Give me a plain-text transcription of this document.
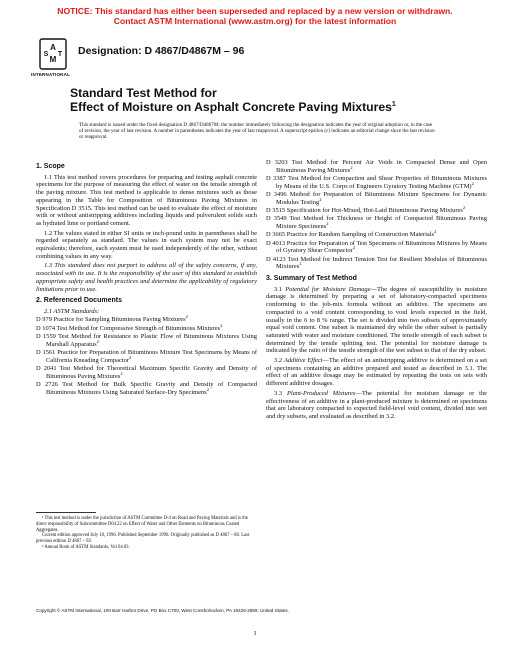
NOTICE: This standard has either been superseded and replaced by a new version or withdrawn.
Contact ASTM International (www.astm.org) for the latest information
A
M
S T
INTERNATIONAL
Designation: D 4867/D4867M – 96
Standard Test Method for
Effect of Moisture on Asphalt Concrete Paving Mixtures$^1$
This standard is issued under the fixed designation D 4867/D4867M; the number immediately following the designation indicates the year of original adoption or, in the case of revision, the year of last revision. A number in parentheses indicates the year of last reapproval. A superscript epsilon (ε) indicates an editorial change since the last revision or reapproval.
1. Scope

1.1 This test method covers procedures for preparing and testing asphalt concrete specimens for the purpose of measuring the effect of water on the tensile strength of the paving mixture. This test method is applicable to dense mixtures such as those appearing in the Table for Composition of Bituminous Paving Mixtures in Specification D 3515. This test method can be used to evaluate the effect of moisture with or without antistripping additives including liquids and pulverulent solids such as hydrated lime or portland cement.

1.2 The values stated in either SI units or inch-pound units in parentheses shall be regarded separately as standard. The values in each system may not be exact equivalents; therefore, each system must be used independently of the other, without combining values in any way.

1.3 This standard does not purport to address all of the safety concerns, if any, associated with its use. It is the responsibility of the user of this standard to establish appropriate safety and health practices and determine the applicability of regulatory limitations prior to use.

2. Referenced Documents
2.1 ASTM Standards:
D 979 Practice for Sampling Bituminous Paving Mixtures$^2$
D 1074 Test Method for Compressive Strength of Bituminous Mixtures$^2$
D 1559 Test Method for Resistance to Plastic Flow of Bituminous Mixtures Using Marshall Apparatus$^2$
D 1561 Practice for Preparation of Bituminous Mixture Test Specimens by Means of California Kneading Compactor$^2$
D 2041 Test Method for Theoretical Maximum Specific Gravity and Density of Bituminous Paving Mixtures$^2$
D 2726 Test Method for Bulk Specific Gravity and Density of Compacted Bituminous Mixtures Using Saturated Surface-Dry Specimens$^2$
D 3203 Test Method for Percent Air Voids in Compacted Dense and Open Bituminous Paving Mixtures$^2$
D 3387 Test Method for Compaction and Shear Properties of Bituminous Mixtures by Means of the U.S. Corps of Engineers Gyratory Testing Machine (GTM)$^2$
D 3496 Method for Preparation of Bituminous Mixture Specimens for Dynamic Modulus Testing$^2$
D 3515 Specification for Hot-Mixed, Hot-Laid Bituminous Paving Mixtures$^2$
D 3549 Test Method for Thickness or Height of Compacted Bituminous Paving Mixture Specimens$^2$
D 3665 Practice for Random Sampling of Construction Materials$^2$
D 4013 Practice for Preparation of Test Specimens of Bituminous Mixtures by Means of Gyratory Shear Compactor$^2$
D 4123 Test Method for Indirect Tension Test for Resilient Modulus of Bituminous Mixtures$^2$
3. Summary of Test Method

3.1 Potential for Moisture Damage—The degree of susceptibility to moisture damage is determined by preparing a set of laboratory-compacted specimens conforming to the job-mix formula without an additive. The specimens are compacted to a void content corresponding to void levels expected in the field, usually in the 6 to 8 % range. The set is divided into two subsets of approximately equal void content. One subset is maintained dry while the other subset is partially saturated with water and moisture conditioned. The tensile strength of each subset is determined by the tensile splitting test. The potential for moisture damage is indicated by the ratio of the tensile strength of the wet subset to that of the dry subset.

3.2 Additive Effect—The effect of an antistripping additive is determined on a set of specimens containing an additive prepared and tested as described in 3.1. The effect of an additive dosage may be estimated by repeating the tests on sets with different additive dosages.

3.3 Plant-Produced Mixtures—The potential for moisture damage or the effectiveness of an additive in a plant-produced mixture is determined on specimens that are laboratory compacted to expected field-level void content, divided into wet and dry subsets, and evaluated as described in 3.2.

¹ This test method is under the jurisdiction of ASTM Committee D-4 on Road and Paving Materials and is the direct responsibility of Subcommittee D04.22 on Effect of Water and Other Elements on Bituminous Coated Aggregates.
Current edition approved July 10, 1996. Published September 1996. Originally published as D 4867 – 88. Last previous edition D 4867 – 92.
² Annual Book of ASTM Standards, Vol 04.03.
Copyright © ASTM International, 100 Barr Harbor Drive, PO Box C700, West Conshohocken, PA 19428-2959, United States.
1
